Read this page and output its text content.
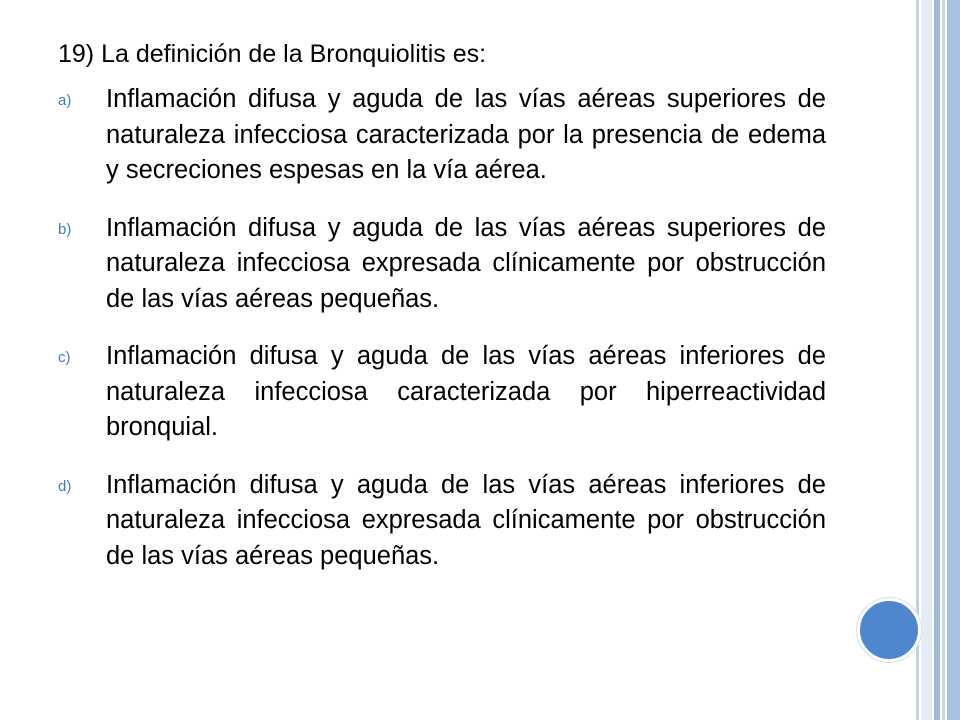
19) La definición de la Bronquiolitis es:
a)	Inflamación difusa y aguda de las vías aéreas superiores de naturaleza infecciosa caracterizada por la presencia de edema y secreciones espesas en la vía aérea.
b)	Inflamación difusa y aguda de las vías aéreas superiores de naturaleza infecciosa expresada clínicamente por obstrucción de las vías aéreas pequeñas.
c)	Inflamación difusa y aguda de las vías aéreas inferiores de naturaleza infecciosa caracterizada por hiperreactividad bronquial.
d)	Inflamación difusa y aguda de las vías aéreas inferiores de naturaleza infecciosa expresada clínicamente por obstrucción de las vías aéreas pequeñas.
